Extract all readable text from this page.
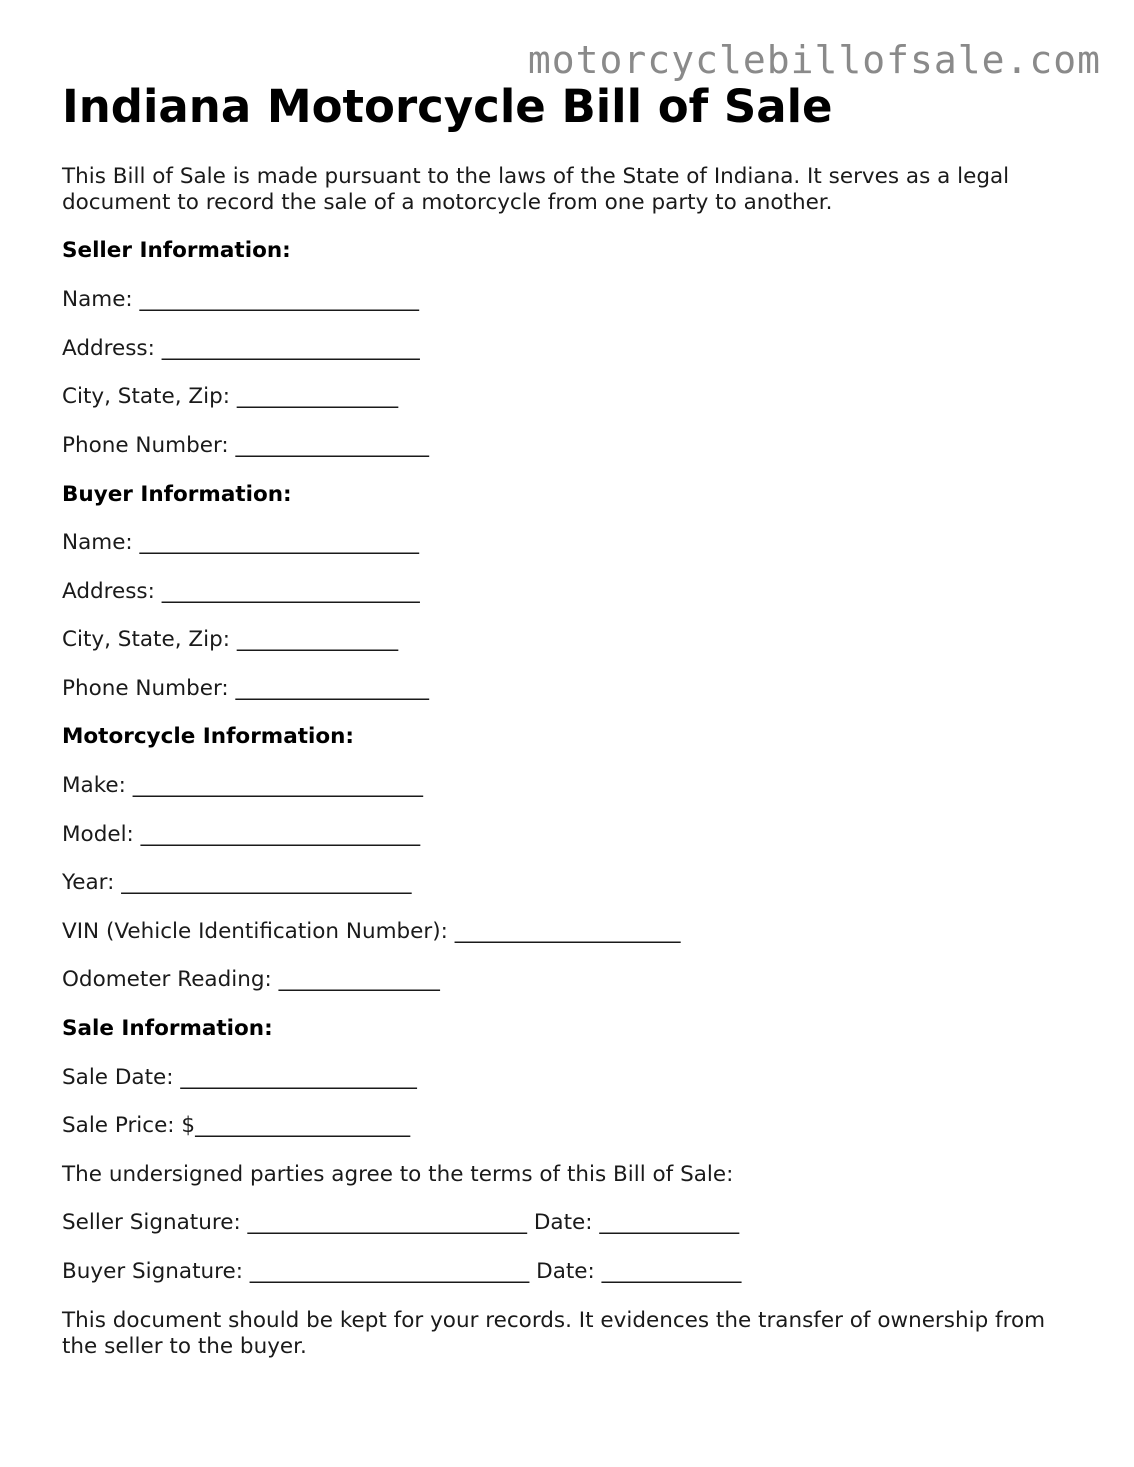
motorcyclebillofsale.com
Indiana Motorcycle Bill of Sale

This Bill of Sale is made pursuant to the laws of the State of Indiana. It serves as a legal document to record the sale of a motorcycle from one party to another.

Seller Information:
Name: __________________________
Address: ________________________
City, State, Zip: _______________
Phone Number: __________________
Buyer Information:
Name: __________________________
Address: ________________________
City, State, Zip: _______________
Phone Number: __________________
Motorcycle Information:
Make: ___________________________
Model: __________________________
Year: ___________________________
VIN (Vehicle Identification Number): _____________________
Odometer Reading: _______________
Sale Information:
Sale Date: ______________________
Sale Price: $____________________
The undersigned parties agree to the terms of this Bill of Sale:
Seller Signature: __________________________ Date: _____________
Buyer Signature: __________________________ Date: _____________

This document should be kept for your records. It evidences the transfer of ownership from the seller to the buyer.
